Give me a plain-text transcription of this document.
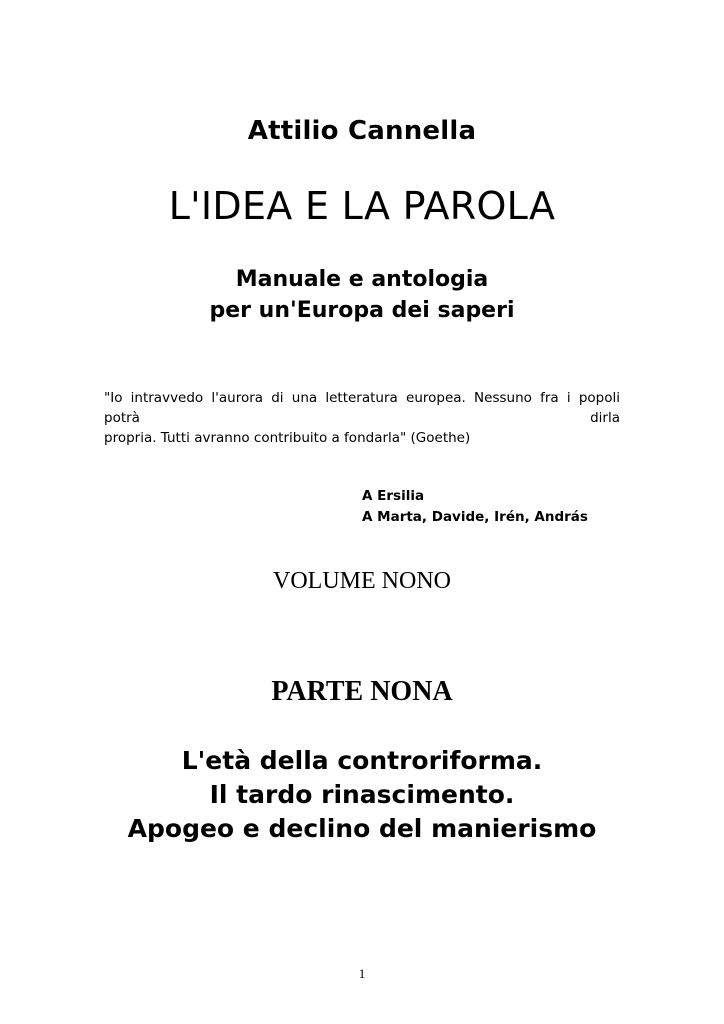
Attilio Cannella
L'IDEA E LA PAROLA
Manuale e antologia
per un'Europa dei saperi
"Io intravvedo l'aurora di una letteratura europea. Nessuno fra i popoli potrà dirla
propria. Tutti avranno contribuito a fondarla" (Goethe)
A Ersilia
A Marta, Davide, Irén, András
VOLUME NONO
PARTE NONA
L'età della controriforma.
Il tardo rinascimento.
Apogeo e declino del manierismo
1
